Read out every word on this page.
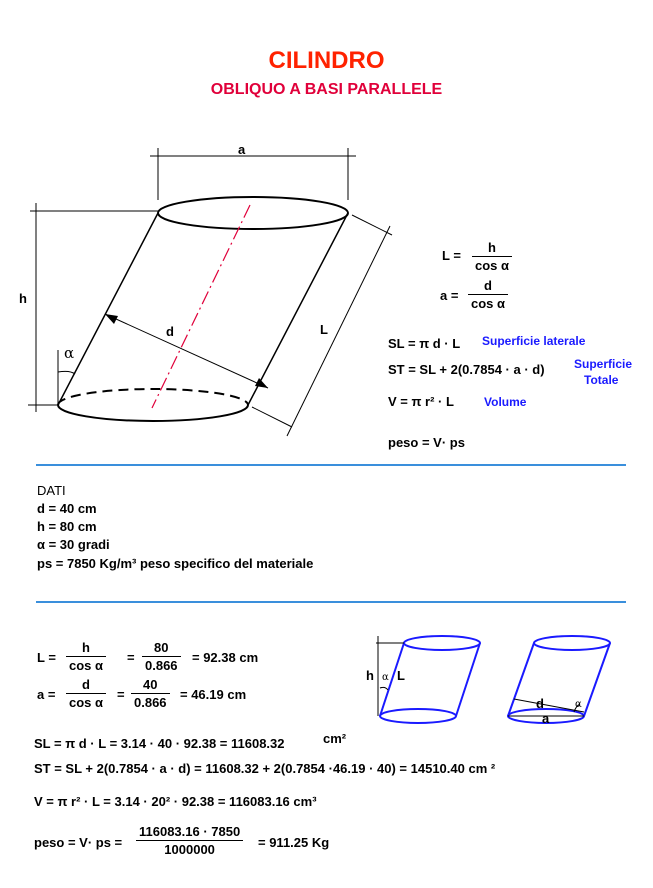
CILINDRO
OBLIQUO A BASI PARALLELE
a
h
d	L
α
$L = \frac{h}{\text{cos α}}$
$a = \frac{d}{\text{cos α}}$
SL = π d · L Superficie laterale
ST = SL + 2(0.7854 · a · d) Superficie
Totale
V = π r² · L	Volume
peso = V· ps
DATI
d = 40 cm
h = 80 cm
α = 30 gradi
ps = 7850 Kg/m³ peso specifico del materiale
$L = \frac{h}{\text{cos α}} = \frac{80}{0.866} = 92.38$ cm
$a = \frac{d}{\text{cos α}} = \frac{40}{0.866} = 46.19$ cm
SL = π d · L = 3.14 · 40 · 92.38 = 11608.32	cm²
ST = SL + 2(0.7854 · a · d) = 11608.32 + 2(0.7854 ·46.19 · 40) = 14510.40 cm ²
V = π r² · L = 3.14 · 20² · 92.38 = 116083.16 cm³
peso = V· ps = $\frac{116083.16 \cdot 7850}{1000000} = 911.25$ Kg
h α L
d
a
α
